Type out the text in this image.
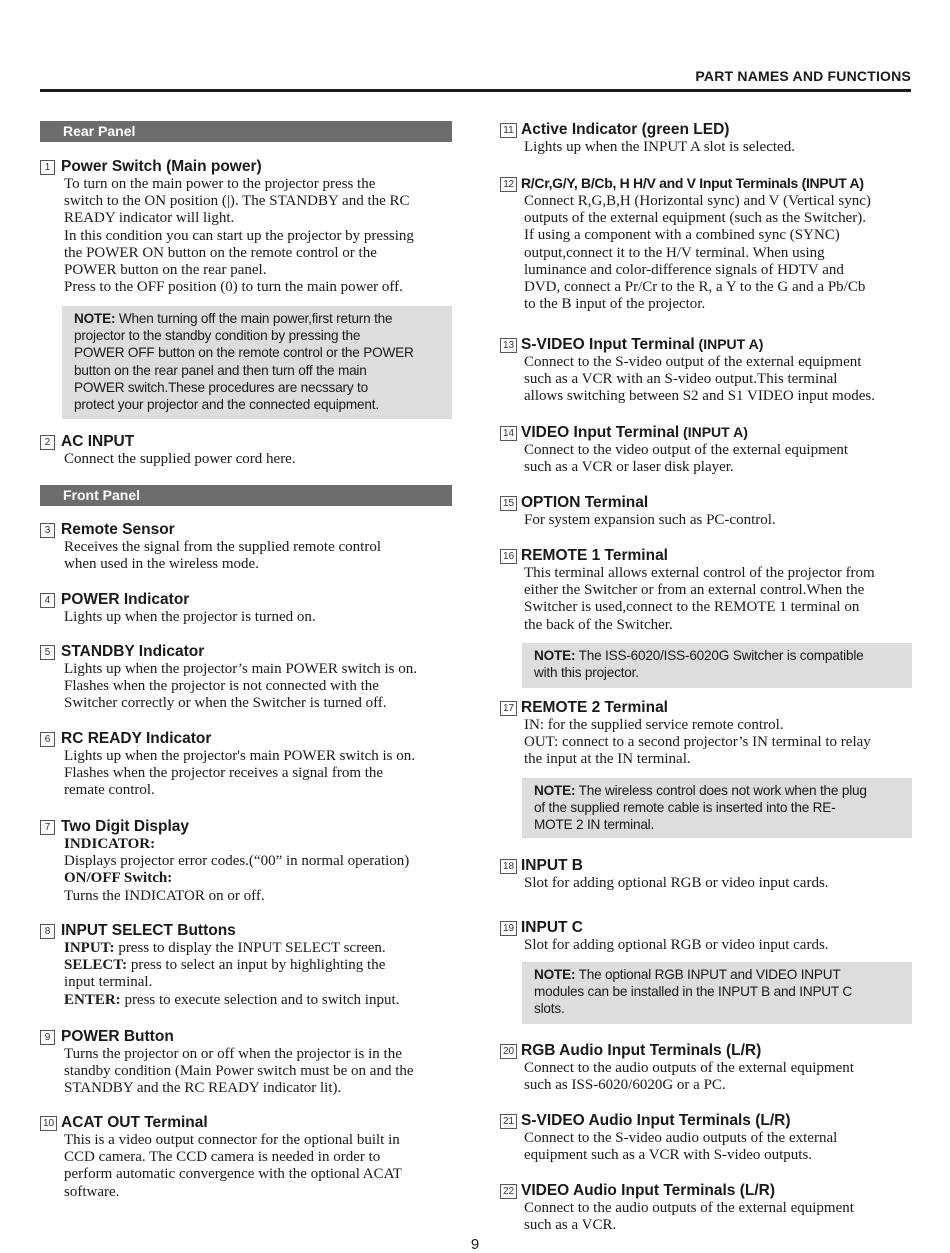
PART NAMES AND FUNCTIONS
Rear Panel
1 Power Switch (Main power)
To turn on the main power to the projector press the
switch to the ON position (|). The STANDBY and the RC
READY indicator will light.
In this condition you can start up the projector by pressing
the POWER ON button on the remote control or the
POWER button on the rear panel.
Press to the OFF position (0) to turn the main power off.
NOTE: When turning off the main power,first return the
projector to the standby condition by pressing the
POWER OFF button on the remote control or the POWER
button on the rear panel and then turn off the main
POWER switch.These procedures are necssary to
protect your projector and the connected equipment.
2 AC INPUT
Connect the supplied power cord here.
Front Panel
3 Remote Sensor
Receives the signal from the supplied remote control
when used in the wireless mode.
4 POWER Indicator
Lights up when the projector is turned on.
5 STANDBY Indicator
Lights up when the projector’s main POWER switch is on.
Flashes when the projector is not connected with the
Switcher correctly or when the Switcher is turned off.
6 RC READY Indicator
Lights up when the projector's main POWER switch is on.
Flashes when the projector receives a signal from the
remate control.
7 Two Digit Display
INDICATOR:
Displays projector error codes.(“00” in normal operation)
ON/OFF Switch:
Turns the INDICATOR on or off.
8 INPUT SELECT Buttons
INPUT: press to display the INPUT SELECT screen.
SELECT: press to select an input by highlighting the
input terminal.
ENTER: press to execute selection and to switch input.
9 POWER Button
Turns the projector on or off when the projector is in the
standby condition (Main Power switch must be on and the
STANDBY and the RC READY indicator lit).
10 ACAT OUT Terminal
This is a video output connector for the optional built in
CCD camera. The CCD camera is needed in order to
perform automatic convergence with the optional ACAT
software.
11 Active Indicator (green LED)
Lights up when the INPUT A slot is selected.
12 R/Cr,G/Y, B/Cb, H H/V and V Input Terminals (INPUT A)
Connect R,G,B,H (Horizontal sync) and V (Vertical sync)
outputs of the external equipment (such as the Switcher).
If using a component with a combined sync (SYNC)
output,connect it to the H/V terminal. When using
luminance and color-difference signals of HDTV and
DVD, connect a Pr/Cr to the R, a Y to the G and a Pb/Cb
to the B input of the projector.
13 S-VIDEO Input Terminal (INPUT A)
Connect to the S-video output of the external equipment
such as a VCR with an S-video output.This terminal
allows switching between S2 and S1 VIDEO input modes.
14 VIDEO Input Terminal (INPUT A)
Connect to the video output of the external equipment
such as a VCR or laser disk player.
15 OPTION Terminal
For system expansion such as PC-control.
16 REMOTE 1 Terminal
This terminal allows external control of the projector from
either the Switcher or from an external control.When the
Switcher is used,connect to the REMOTE 1 terminal on
the back of the Switcher.
NOTE: The ISS-6020/ISS-6020G Switcher is compatible
with this projector.
17 REMOTE 2 Terminal
IN: for the supplied service remote control.
OUT: connect to a second projector’s IN terminal to relay
the input at the IN terminal.
NOTE: The wireless control does not work when the plug
of the supplied remote cable is inserted into the RE-
MOTE 2 IN terminal.
18 INPUT B
Slot for adding optional RGB or video input cards.
19 INPUT C
Slot for adding optional RGB or video input cards.
NOTE: The optional RGB INPUT and VIDEO INPUT
modules can be installed in the INPUT B and INPUT C
slots.
20 RGB Audio Input Terminals (L/R)
Connect to the audio outputs of the external equipment
such as ISS-6020/6020G or a PC.
21 S-VIDEO Audio Input Terminals (L/R)
Connect to the S-video audio outputs of the external
equipment such as a VCR with S-video outputs.
22 VIDEO Audio Input Terminals (L/R)
Connect to the audio outputs of the external equipment
such as a VCR.
9
